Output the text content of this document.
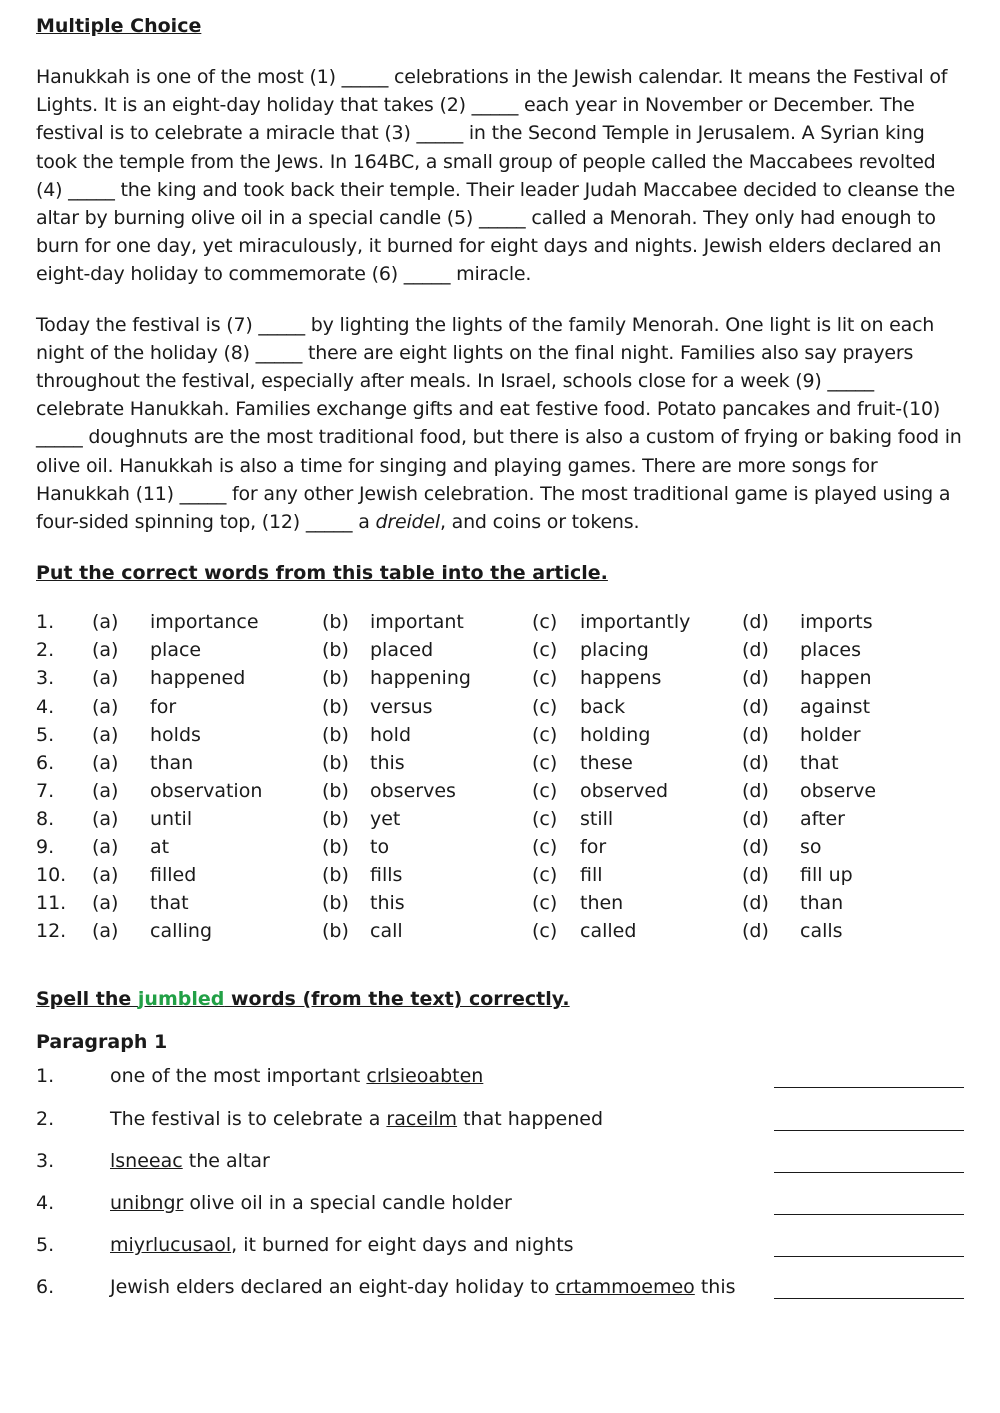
Multiple Choice

Hanukkah is one of the most (1) _____ celebrations in the Jewish calendar. It means the Festival of Lights. It is an eight-day holiday that takes (2) _____ each year in November or December. The festival is to celebrate a miracle that (3) _____ in the Second Temple in Jerusalem. A Syrian king took the temple from the Jews. In 164BC, a small group of people called the Maccabees revolted (4) _____ the king and took back their temple. Their leader Judah Maccabee decided to cleanse the altar by burning olive oil in a special candle (5) _____ called a Menorah. They only had enough to burn for one day, yet miraculously, it burned for eight days and nights. Jewish elders declared an eight-day holiday to commemorate (6) _____ miracle.

Today the festival is (7) _____ by lighting the lights of the family Menorah. One light is lit on each night of the holiday (8) _____ there are eight lights on the final night. Families also say prayers throughout the festival, especially after meals. In Israel, schools close for a week (9) _____ celebrate Hanukkah. Families exchange gifts and eat festive food. Potato pancakes and fruit-(10) _____ doughnuts are the most traditional food, but there is also a custom of frying or baking food in olive oil. Hanukkah is also a time for singing and playing games. There are more songs for Hanukkah (11) _____ for any other Jewish celebration. The most traditional game is played using a four-sided spinning top, (12) _____ a dreidel, and coins or tokens.

Put the correct words from this table into the article.

1.	(a)	importance	(b)	important	(c)	importantly	(d)	imports
2.	(a)	place	(b)	placed	(c)	placing	(d)	places
3.	(a)	happened	(b)	happening	(c)	happens	(d)	happen
4.	(a)	for	(b)	versus	(c)	back	(d)	against
5.	(a)	holds	(b)	hold	(c)	holding	(d)	holder
6.	(a)	than	(b)	this	(c)	these	(d)	that
7.	(a)	observation	(b)	observes	(c)	observed	(d)	observe
8.	(a)	until	(b)	yet	(c)	still	(d)	after
9.	(a)	at	(b)	to	(c)	for	(d)	so
10.	(a)	filled	(b)	fills	(c)	fill	(d)	fill up
11.	(a)	that	(b)	this	(c)	then	(d)	than
12.	(a)	calling	(b)	call	(c)	called	(d)	calls

Spell the jumbled words (from the text) correctly.

Paragraph 1

1.	one of the most important crlsieoabten
2.	The festival is to celebrate a raceilm that happened
3.	lsneeac the altar
4.	unibngr olive oil in a special candle holder
5.	miyrlucusaol, it burned for eight days and nights
6.	Jewish elders declared an eight-day holiday to crtammoemeo this
